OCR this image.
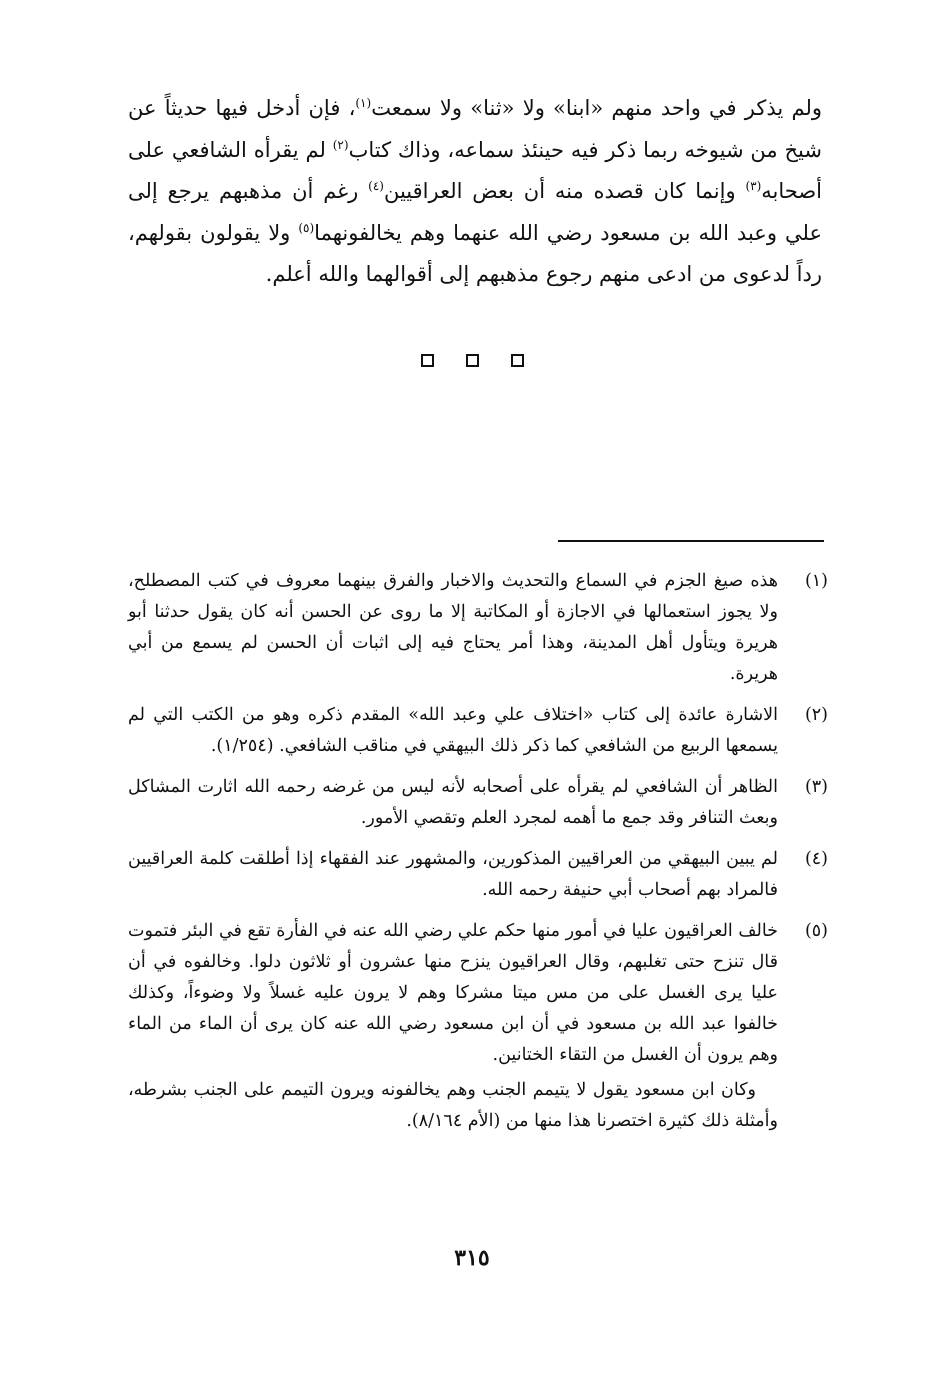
ولم يذكر في واحد منهم «ابنا» ولا «ثنا» ولا سمعت$^{(١)}$، فإن أدخل فيها حديثاً عن شيخ من شيوخه ربما ذكر فيه حينئذ سماعه، وذاك كتاب$^{(٢)}$ لم يقرأه الشافعي على أصحابه$^{(٣)}$ وإنما كان قصده منه أن بعض العراقيين$^{(٤)}$ رغم أن مذهبهم يرجع إلى علي وعبد الله بن مسعود رضي الله عنهما وهم يخالفونهما$^{(٥)}$ ولا يقولون بقولهم، رداً لدعوى من ادعى منهم رجوع مذهبهم إلى أقوالهما والله أعلم.

(١)

هذه صيغ الجزم في السماع والتحديث والاخبار والفرق بينهما معروف في كتب المصطلح، ولا يجوز استعمالها في الاجازة أو المكاتبة إلا ما روى عن الحسن أنه كان يقول حدثنا أبو هريرة ويتأول أهل المدينة، وهذا أمر يحتاج فيه إلى اثبات أن الحسن لم يسمع من أبي هريرة.

(٢)

الاشارة عائدة إلى كتاب «اختلاف علي وعبد الله» المقدم ذكره وهو من الكتب التي لم يسمعها الربيع من الشافعي كما ذكر ذلك البيهقي في مناقب الشافعي. (١/٢٥٤).

(٣)

الظاهر أن الشافعي لم يقرأه على أصحابه لأنه ليس من غرضه رحمه الله اثارت المشاكل وبعث التنافر وقد جمع ما أهمه لمجرد العلم وتقصي الأمور.

(٤)

لم يبين البيهقي من العراقيين المذكورين، والمشهور عند الفقهاء إذا أطلقت كلمة العراقيين فالمراد بهم أصحاب أبي حنيفة رحمه الله.

(٥)

خالف العراقيون عليا في أمور منها حكم علي رضي الله عنه في الفأرة تقع في البئر فتموت قال تنزح حتى تغلبهم، وقال العراقيون ينزح منها عشرون أو ثلاثون دلوا. وخالفوه في أن عليا يرى الغسل على من مس ميتا مشركا وهم لا يرون عليه غسلاً ولا وضوءاً، وكذلك خالفوا عبد الله بن مسعود في أن ابن مسعود رضي الله عنه كان يرى أن الماء من الماء وهم يرون أن الغسل من التقاء الختانين.

وكان ابن مسعود يقول لا يتيمم الجنب وهم يخالفونه ويرون التيمم على الجنب بشرطه، وأمثلة ذلك كثيرة اختصرنا هذا منها من (الأم ٨/١٦٤).

٣١٥
